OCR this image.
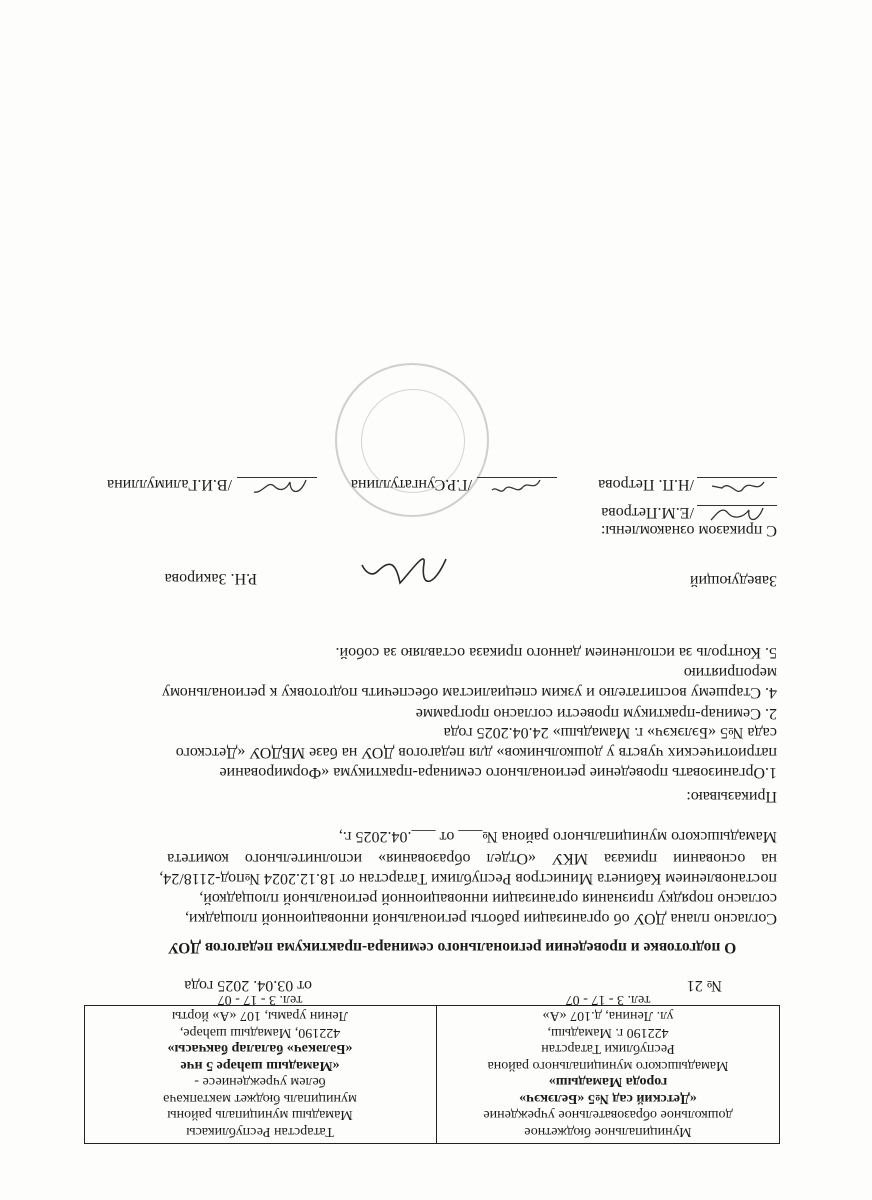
Муниципальное бюджетное
дошкольное образовательное учреждение
«Детский сад №5 «Белэкэч»
города Мамадыш»
Мамадышского муниципального района
Республики Татарстан
422190 г. Мамадыш,
ул. Ленина, д.107 «А»
тел. 3 - 17 - 07
Татарстан Республикасы
Мамадыш муниципаль районы
муниципаль бюджет мәктәпкәчә
белем учреждениесе -
«Мамадыш шәһәре 5 нче
«Бәләкәч» балалар бакчасы»
422190, Мамадыш шәһәре,
Ленин урамы, 107 «А» йорты
тел. 3 - 17 - 07
№ 21
от 03.04. 2025 года
О подготовке и проведении регионального семинара-практикума педагогов ДОУ
Согласно плана ДОУ об организации работы региональной инновационной площадки,
согласно порядку признания организации инновационной региональной площадкой,
постановлением Кабинета Министров Республики Татарстан от 18.12.2024 №под-2118/24,
на основании приказа МКУ «Отдел образования» исполнительного комитета
Мамадышского муниципального района №___ от ___.04.2025 г.,
Приказываю:
1.Организовать проведение регионального семинара-практикума «Формирование
патриотических чувств у дошкольников» для педагогов ДОУ на базе МБДОУ «Детского
сада №5 «Бэлэкэч» г. Мамадыш» 24.04.2025 года
2. Семинар-практикум провести согласно программе
4. Старшему воспитателю и узким специалистам обеспечить подготовку к региональному
мероприятию
5. Контроль за исполнением данного приказа оставляю за собой.
Заведующий
Р.Н. Закирова
С приказом ознакомлены:
/Е.М.Петрова
/Н.П. Петрова
/Г.Р.Сунгатуллина
/В.И.Галимуллина
